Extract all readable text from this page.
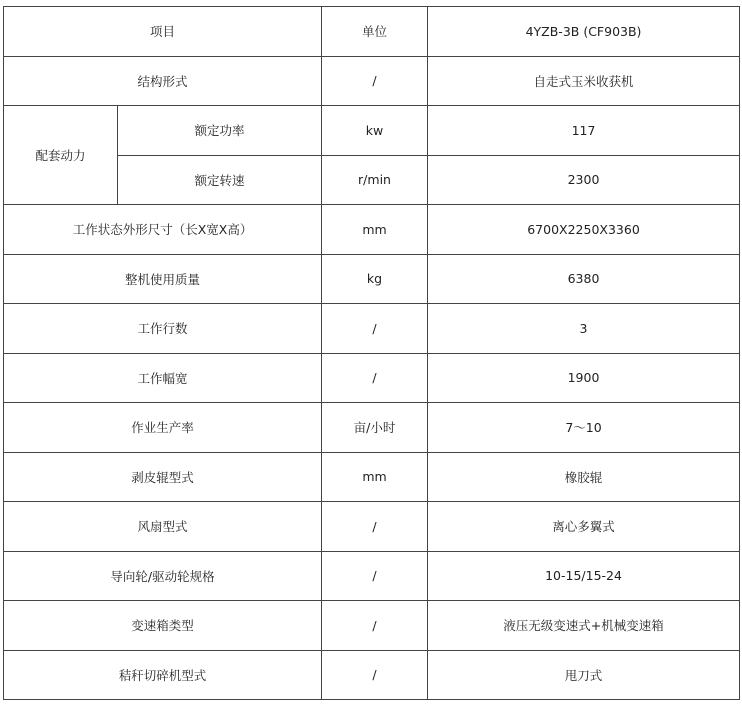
项目		单位	4YZB-3B (CF903B)
结构形式		/	自走式玉米收获机
配套动力	额定功率	kw	117
	额定转速	r/min	2300
工作状态外形尺寸（长X宽X高）		mm	6700X2250X3360
整机使用质量		kg	6380
工作行数		/	3
工作幅宽		/	1900
作业生产率		亩/小时	7～10
剥皮辊型式		mm	橡胶辊
风扇型式		/	离心多翼式
导向轮/驱动轮规格		/	10-15/15-24
变速箱类型		/	液压无级变速式+机械变速箱
秸秆切碎机型式		/	甩刀式
